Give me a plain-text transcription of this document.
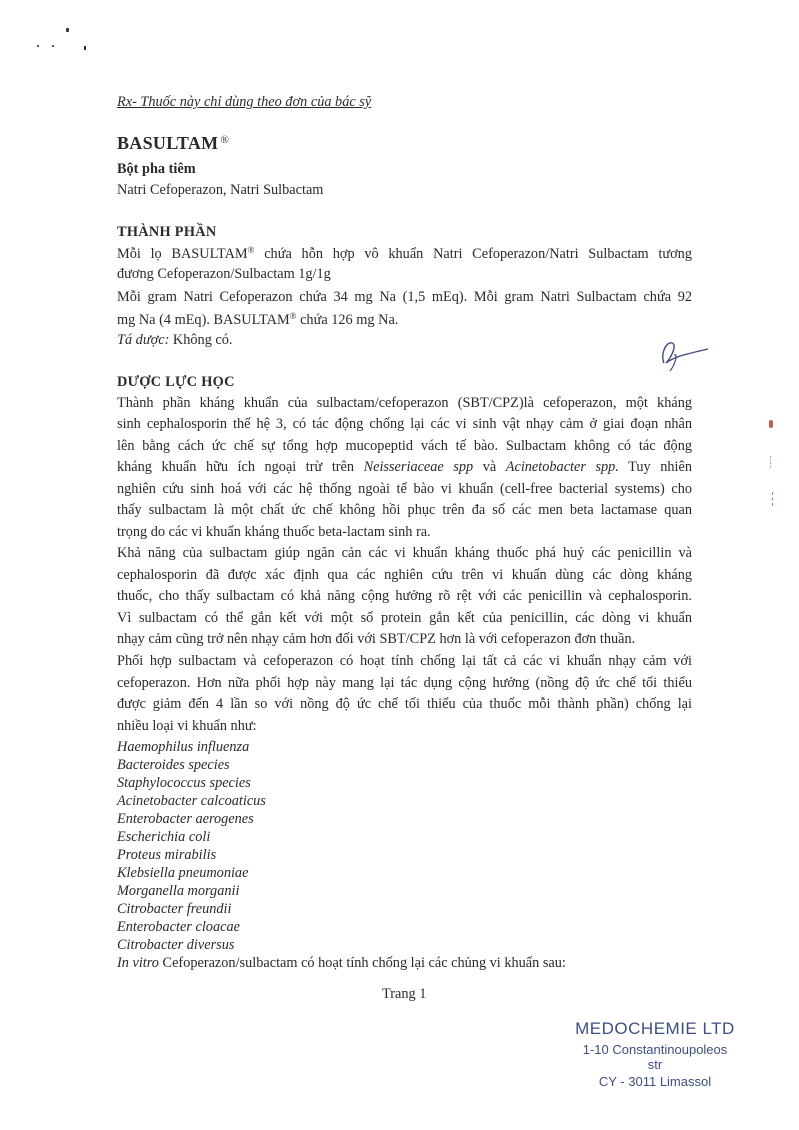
Rx- Thuốc này chỉ dùng theo đơn của bác sỹ
BASULTAM ®
Bột pha tiêm
Natri Cefoperazon, Natri Sulbactam
THÀNH PHẦN
Mỗi lọ BASULTAM® chứa hỗn hợp vô khuẩn Natri Cefoperazon/Natri Sulbactam tương
đương Cefoperazon/Sulbactam 1g/1g
Mỗi gram Natri Cefoperazon chứa 34 mg Na (1,5 mEq). Mỗi gram Natri Sulbactam chứa 92
mg Na (4 mEq). BASULTAM® chứa 126 mg Na.
Tá dược: Không có.
DƯỢC LỰC HỌC
Thành phần kháng khuẩn của sulbactam/cefoperazon (SBT/CPZ)là cefoperazon, một kháng
sinh cephalosporin thế hệ 3, có tác động chống lại các vi sinh vật nhạy cảm ở giai đoạn nhân
lên bằng cách ức chế sự tổng hợp mucopeptid vách tế bào. Sulbactam không có tác động
kháng khuẩn hữu ích ngoại trừ trên Neisseriaceae spp và Acinetobacter spp. Tuy nhiên
nghiên cứu sinh hoá với các hệ thống ngoài tế bào vi khuẩn (cell-free bacterial systems) cho
thấy sulbactam là một chất ức chế không hồi phục trên đa số các men beta lactamase quan
trọng do các vi khuẩn kháng thuốc beta-lactam sinh ra.
Khả năng của sulbactam giúp ngăn cản các vi khuẩn kháng thuốc phá huỷ các penicillin và
cephalosporin đã được xác định qua các nghiên cứu trên vi khuẩn dùng các dòng kháng
thuốc, cho thấy sulbactam có khả năng cộng hưởng rõ rệt với các penicillin và cephalosporin.
Vì sulbactam có thể gắn kết với một số protein gắn kết của penicillin, các dòng vi khuẩn
nhạy cảm cũng trở nên nhạy cảm hơn đối với SBT/CPZ hơn là với cefoperazon đơn thuần.
Phối hợp sulbactam và cefoperazon có hoạt tính chống lại tất cả các vi khuẩn nhạy cảm với
cefoperazon. Hơn nữa phối hợp này mang lại tác dụng cộng hưởng (nồng độ ức chế tối thiểu
được giảm đến 4 lần so với nồng độ ức chế tối thiểu của thuốc mỗi thành phần) chống lại
nhiều loại vi khuẩn như:
Haemophilus influenza
Bacteroides species
Staphylococcus species
Acinetobacter calcoaticus
Enterobacter aerogenes
Escherichia coli
Proteus mirabilis
Klebsiella pneumoniae
Morganella morganii
Citrobacter freundii
Enterobacter cloacae
Citrobacter diversus
In vitro Cefoperazon/sulbactam có hoạt tính chống lại các chủng vi khuẩn sau:
Trang 1
MEDOCHEMIE LTD
1-10 Constantinoupoleos str
CY - 3011 Limassol
